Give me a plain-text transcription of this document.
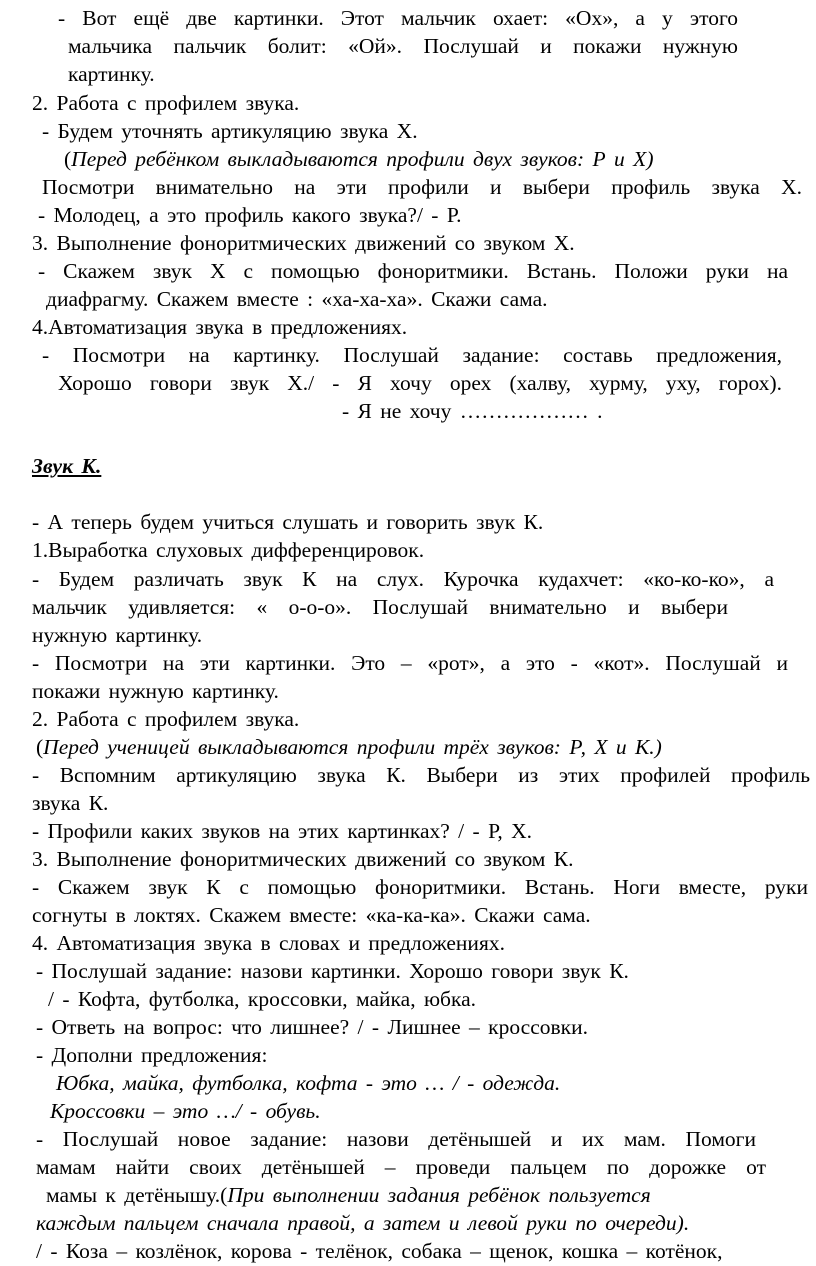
- Вот ещё две картинки. Этот мальчик охает: «Ох», а у этого
мальчика пальчик болит: «Ой». Послушай и покажи нужную
картинку.
2. Работа с профилем звука.
- Будем уточнять артикуляцию звука Х.
(Перед ребёнком выкладываются профили двух звуков: Р и Х)
Посмотри внимательно на эти профили и выбери профиль звука Х.
- Молодец, а это профиль какого звука?/ - Р.
3. Выполнение фоноритмических движений со звуком Х.
- Скажем звук Х с помощью фоноритмики. Встань. Положи руки на
диафрагму. Скажем вместе : «ха-ха-ха». Скажи сама.
4.Автоматизация звука в предложениях.
- Посмотри на картинку. Послушай задание: составь предложения,
Хорошо говори звук Х./ - Я хочу орех (халву, хурму, уху, горох).
- Я не хочу ……………… .
Звук К.
- А теперь будем учиться слушать и говорить звук К.
1.Выработка слуховых дифференцировок.
- Будем различать звук К на слух. Курочка кудахчет: «ко-ко-ко», а
мальчик удивляется: « о-о-о». Послушай внимательно и выбери
нужную картинку.
- Посмотри на эти картинки. Это – «рот», а это - «кот». Послушай и
покажи нужную картинку.
2. Работа с профилем звука.
(Перед ученицей выкладываются профили трёх звуков: Р, Х и К.)
- Вспомним артикуляцию звука К. Выбери из этих профилей профиль
звука К.
- Профили каких звуков на этих картинках? / - Р, Х.
3. Выполнение фоноритмических движений со звуком К.
- Скажем звук К с помощью фоноритмики. Встань. Ноги вместе, руки
согнуты в локтях. Скажем вместе: «ка-ка-ка». Скажи сама.
4. Автоматизация звука в словах и предложениях.
- Послушай задание: назови картинки. Хорошо говори звук К.
/ - Кофта, футболка, кроссовки, майка, юбка.
- Ответь на вопрос: что лишнее? / - Лишнее – кроссовки.
- Дополни предложения:
Юбка, майка, футболка, кофта - это … / - одежда.
Кроссовки – это …/ - обувь.
- Послушай новое задание: назови детёнышей и их мам. Помоги
мамам найти своих детёнышей – проведи пальцем по дорожке от
мамы к детёнышу.(При выполнении задания ребёнок пользуется
каждым пальцем сначала правой, а затем и левой руки по очереди).
/ - Коза – козлёнок, корова - телёнок, собака – щенок, кошка – котёнок,
